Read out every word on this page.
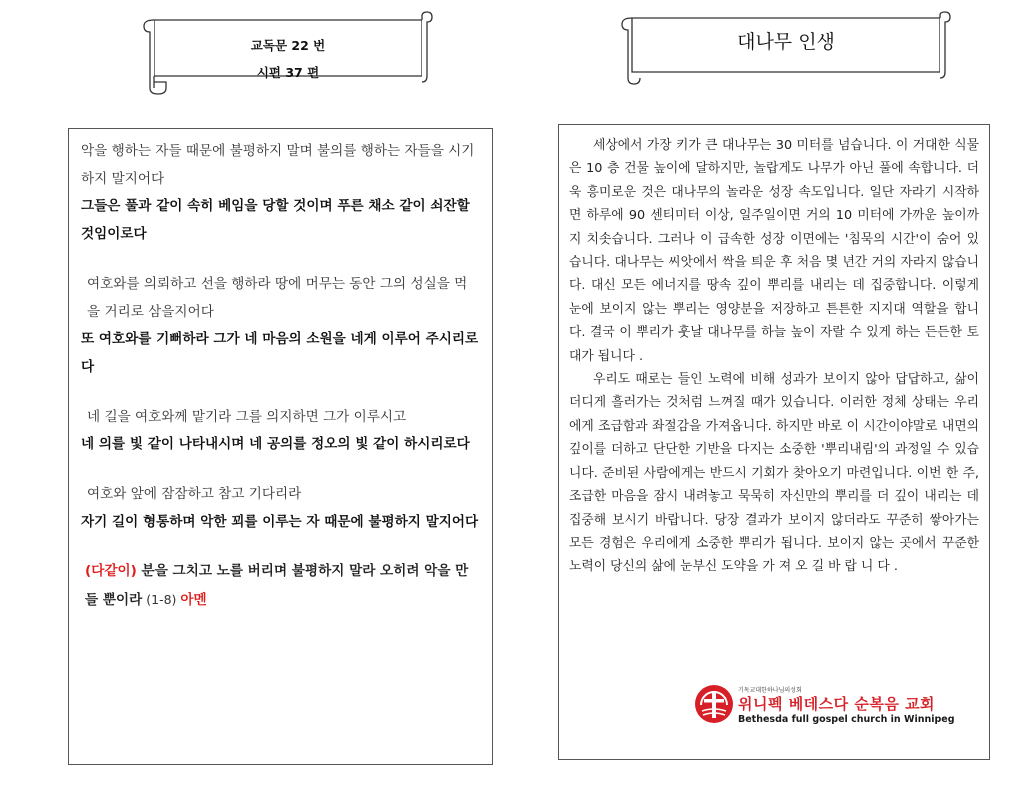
교독문 22 번
시편 37 편
대나무 인생
악을 행하는 자들 때문에 불평하지 말며 불의를 행하는 자들을 시기하지 말지어다
그들은 풀과 같이 속히 베임을 당할 것이며 푸른 채소 같이 쇠잔할 것임이로다
여호와를 의뢰하고 선을 행하라 땅에 머무는 동안 그의 성실을 먹을 거리로 삼을지어다
또 여호와를 기뻐하라 그가 네 마음의 소원을 네게 이루어 주시리로다
네 길을 여호와께 맡기라 그를 의지하면 그가 이루시고
네 의를 빛 같이 나타내시며 네 공의를 정오의 빛 같이 하시리로다
여호와 앞에 잠잠하고 참고 기다리라
자기 길이 형통하며 악한 꾀를 이루는 자 때문에 불평하지 말지어다
(다같이) 분을 그치고 노를 버리며 불평하지 말라 오히려 악을 만들 뿐이라 (1-8) 아멘

세상에서 가장 키가 큰 대나무는 30 미터를 넘습니다. 이 거대한 식물은 10 층 건물 높이에 달하지만, 놀랍게도 나무가 아닌 풀에 속합니다. 더욱 흥미로운 것은 대나무의 놀라운 성장 속도입니다. 일단 자라기 시작하면 하루에 90 센티미터 이상, 일주일이면 거의 10 미터에 가까운 높이까지 치솟습니다. 그러나 이 급속한 성장 이면에는 '침묵의 시간'이 숨어 있습니다. 대나무는 씨앗에서 싹을 틔운 후 처음 몇 년간 거의 자라지 않습니다. 대신 모든 에너지를 땅속 깊이 뿌리를 내리는 데 집중합니다. 이렇게 눈에 보이지 않는 뿌리는 영양분을 저장하고 튼튼한 지지대 역할을 합니다. 결국 이 뿌리가 훗날 대나무를 하늘 높이 자랄 수 있게 하는 든든한 토대가 됩니다 .

우리도 때로는 들인 노력에 비해 성과가 보이지 않아 답답하고, 삶이 더디게 흘러가는 것처럼 느껴질 때가 있습니다. 이러한 정체 상태는 우리에게 조급함과 좌절감을 가져옵니다. 하지만 바로 이 시간이야말로 내면의 깊이를 더하고 단단한 기반을 다지는 소중한 '뿌리내림'의 과정일 수 있습니다. 준비된 사람에게는 반드시 기회가 찾아오기 마련입니다. 이번 한 주, 조급한 마음을 잠시 내려놓고 묵묵히 자신만의 뿌리를 더 깊이 내리는 데 집중해 보시기 바랍니다. 당장 결과가 보이지 않더라도 꾸준히 쌓아가는 모든 경험은 우리에게 소중한 뿌리가 됩니다. 보이지 않는 곳에서 꾸준한 노력이 당신의 삶에 눈부신 도약을 가 져 오 길 바 랍 니 다 .

기독교대한하나님의성회
위니펙 베데스다 순복음 교회
Bethesda full gospel church in Winnipeg
